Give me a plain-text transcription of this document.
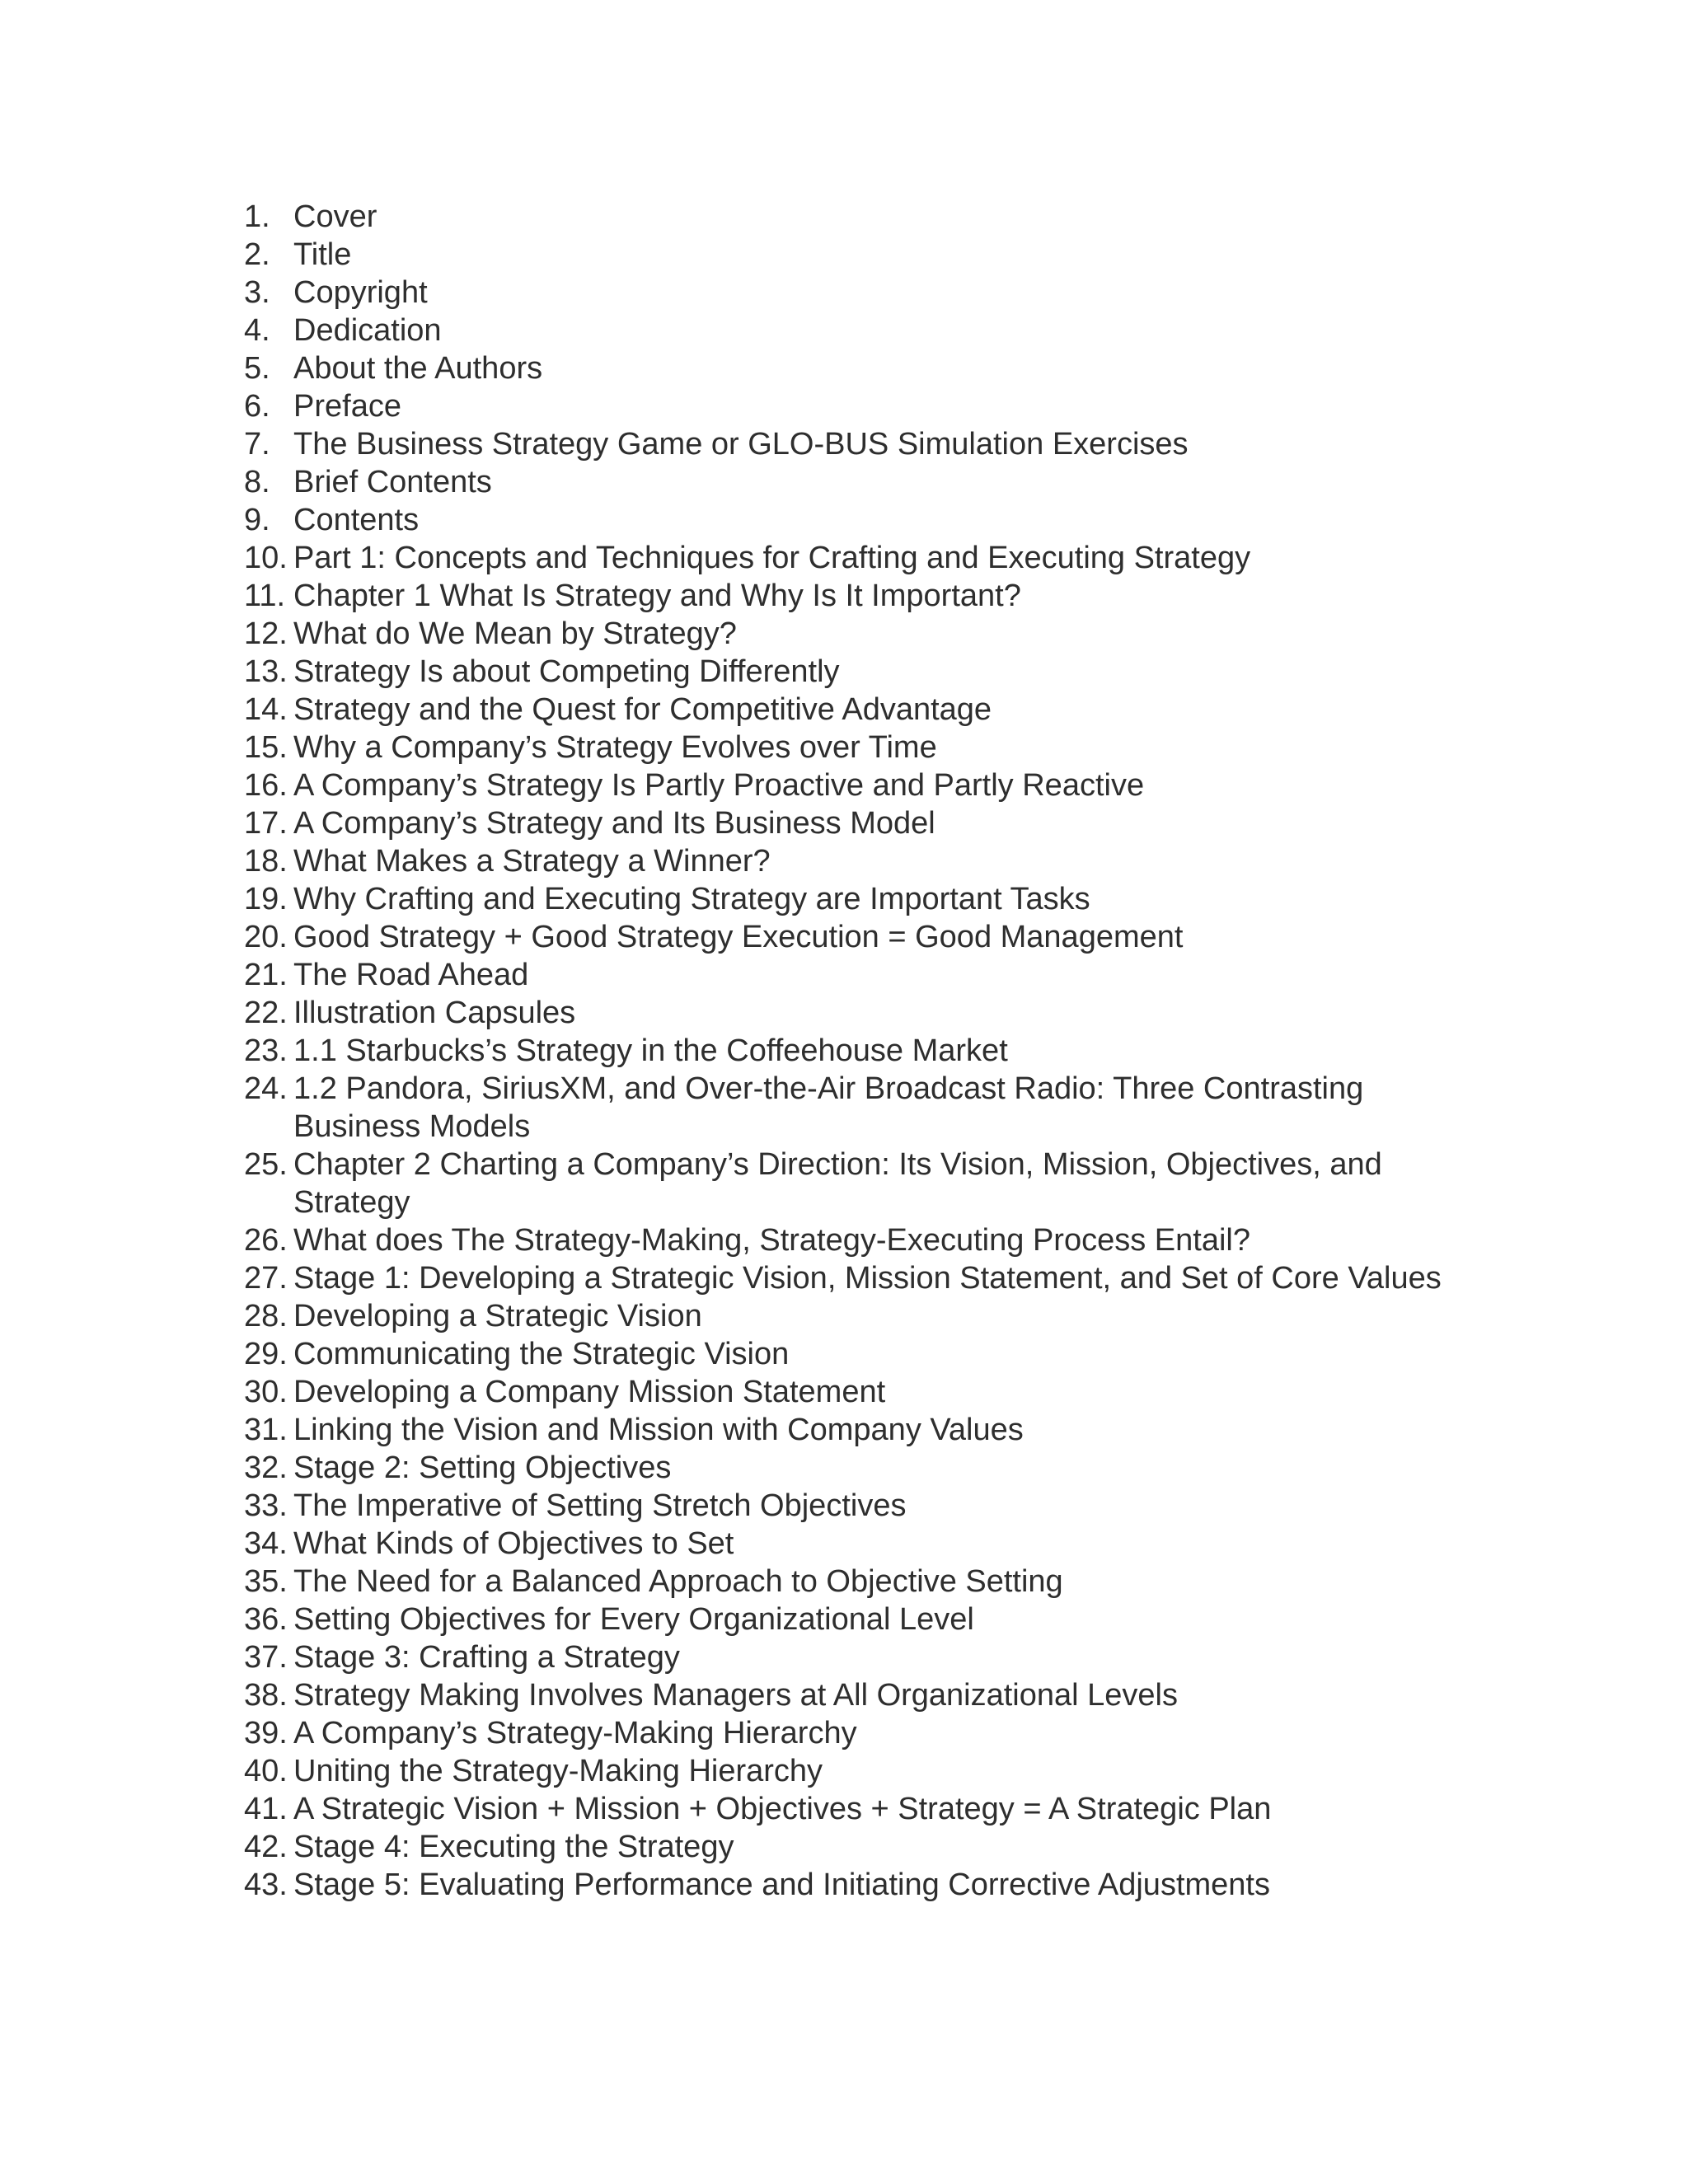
1. Cover
2. Title
3. Copyright
4. Dedication
5. About the Authors
6. Preface
7. The Business Strategy Game or GLO-BUS Simulation Exercises
8. Brief Contents
9. Contents
10. Part 1: Concepts and Techniques for Crafting and Executing Strategy
11. Chapter 1 What Is Strategy and Why Is It Important?
12. What do We Mean by Strategy?
13. Strategy Is about Competing Differently
14. Strategy and the Quest for Competitive Advantage
15. Why a Company’s Strategy Evolves over Time
16. A Company’s Strategy Is Partly Proactive and Partly Reactive
17. A Company’s Strategy and Its Business Model
18. What Makes a Strategy a Winner?
19. Why Crafting and Executing Strategy are Important Tasks
20. Good Strategy + Good Strategy Execution = Good Management
21. The Road Ahead
22. Illustration Capsules
23. 1.1 Starbucks’s Strategy in the Coffeehouse Market
24. 1.2 Pandora, SiriusXM, and Over-the-Air Broadcast Radio: Three Contrasting Business Models
25. Chapter 2 Charting a Company’s Direction: Its Vision, Mission, Objectives, and Strategy
26. What does The Strategy-Making, Strategy-Executing Process Entail?
27. Stage 1: Developing a Strategic Vision, Mission Statement, and Set of Core Values
28. Developing a Strategic Vision
29. Communicating the Strategic Vision
30. Developing a Company Mission Statement
31. Linking the Vision and Mission with Company Values
32. Stage 2: Setting Objectives
33. The Imperative of Setting Stretch Objectives
34. What Kinds of Objectives to Set
35. The Need for a Balanced Approach to Objective Setting
36. Setting Objectives for Every Organizational Level
37. Stage 3: Crafting a Strategy
38. Strategy Making Involves Managers at All Organizational Levels
39. A Company’s Strategy-Making Hierarchy
40. Uniting the Strategy-Making Hierarchy
41. A Strategic Vision + Mission + Objectives + Strategy = A Strategic Plan
42. Stage 4: Executing the Strategy
43. Stage 5: Evaluating Performance and Initiating Corrective Adjustments
